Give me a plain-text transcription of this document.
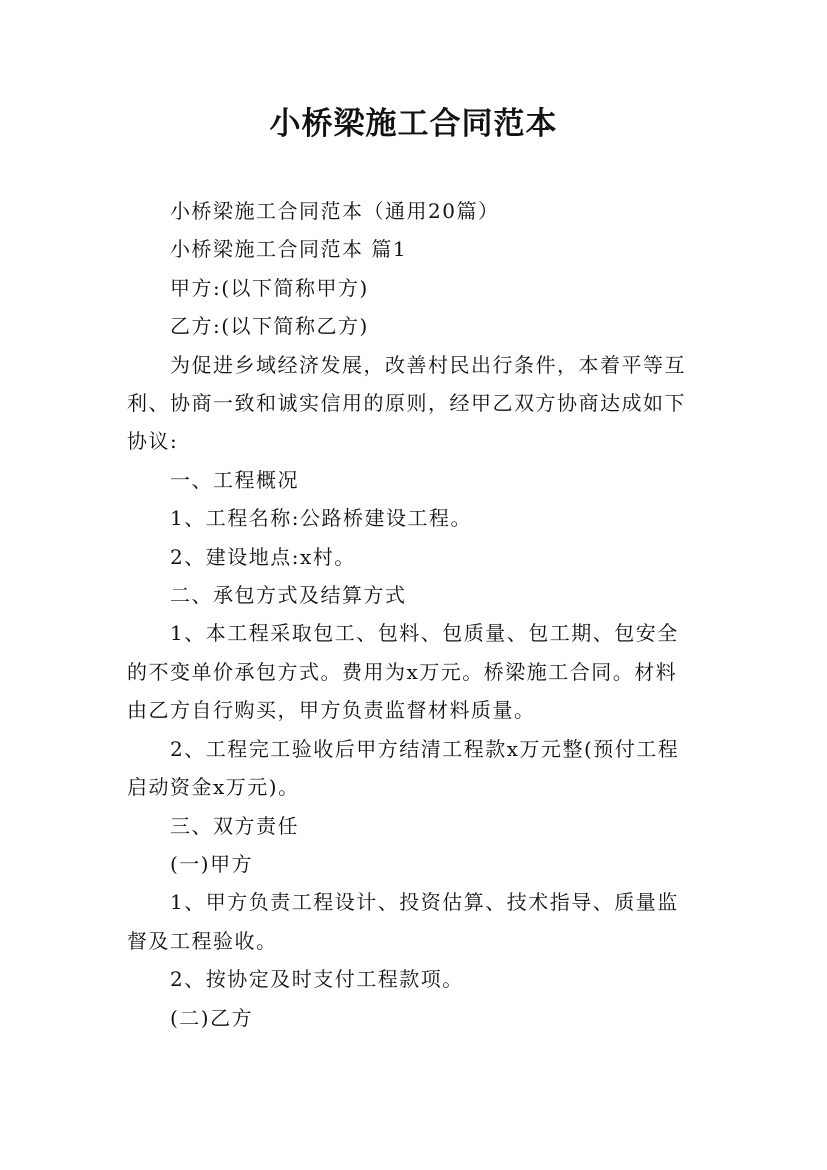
小桥梁施工合同范本

小桥梁施工合同范本（通用20篇）

小桥梁施工合同范本 篇1

甲方:(以下简称甲方)

乙方:(以下简称乙方)

为促进乡域经济发展，改善村民出行条件，本着平等互

利、协商一致和诚实信用的原则，经甲乙双方协商达成如下

协议:

一、工程概况

1、工程名称:公路桥建设工程。

2、建设地点:x村。

二、承包方式及结算方式

1、本工程采取包工、包料、包质量、包工期、包安全

的不变单价承包方式。费用为x万元。桥梁施工合同。材料

由乙方自行购买，甲方负责监督材料质量。

2、工程完工验收后甲方结清工程款x万元整(预付工程

启动资金x万元)。

三、双方责任

(一)甲方

1、甲方负责工程设计、投资估算、技术指导、质量监

督及工程验收。

2、按协定及时支付工程款项。

(二)乙方
